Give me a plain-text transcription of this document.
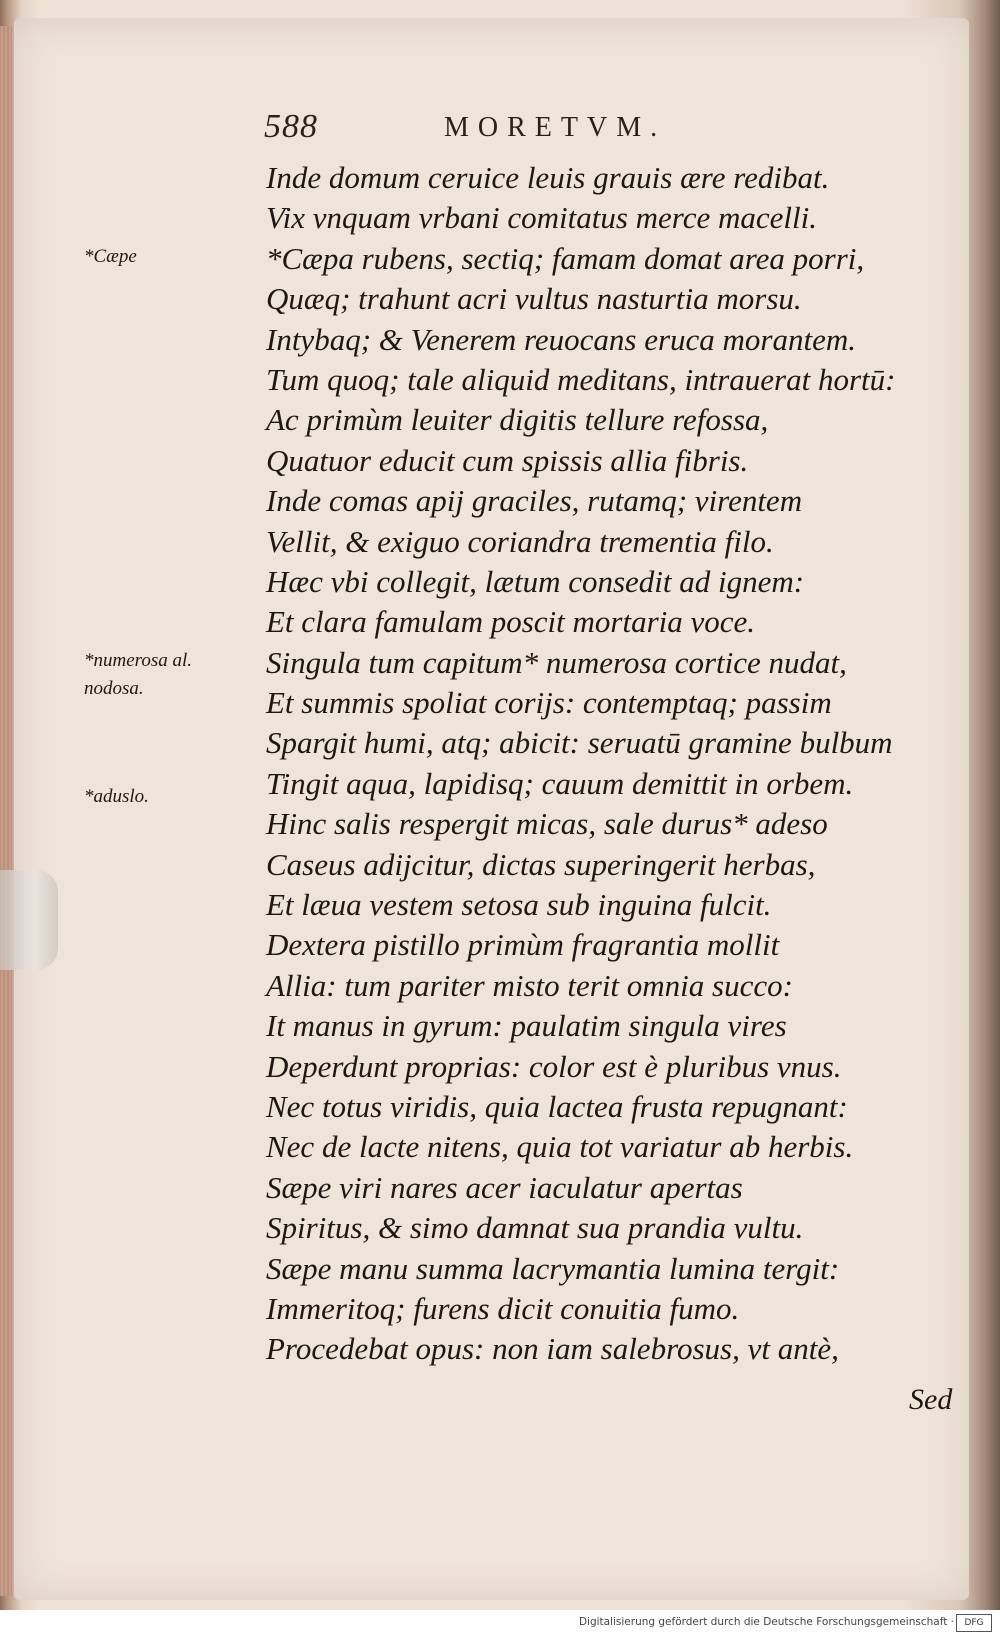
588	MORETVM.
*Cæpe
*numerosa al.
nodosa.
*aduslo.
Inde domum ceruice leuis grauis ære redibat.
Vix vnquam vrbani comitatus merce macelli.
*Cæpa rubens, sectiq; famam domat area porri,
Quæq; trahunt acri vultus nasturtia morsu.
Intybaq; & Venerem reuocans eruca morantem.
Tum quoq; tale aliquid meditans, intrauerat hortū:
Ac primùm leuiter digitis tellure refossa,
Quatuor educit cum spissis allia fibris.
Inde comas apij graciles, rutamq; virentem
Vellit, & exiguo coriandra trementia filo.
Hæc vbi collegit, lætum consedit ad ignem:
Et clara famulam poscit mortaria voce.
Singula tum capitum* numerosa cortice nudat,
Et summis spoliat corijs: contemptaq; passim
Spargit humi, atq; abicit: seruatū gramine bulbum
Tingit aqua, lapidisq; cauum demittit in orbem.
Hinc salis respergit micas, sale durus* adeso
Caseus adijcitur, dictas superingerit herbas,
Et læua vestem setosa sub inguina fulcit.
Dextera pistillo primùm fragrantia mollit
Allia: tum pariter misto terit omnia succo:
It manus in gyrum: paulatim singula vires
Deperdunt proprias: color est è pluribus vnus.
Nec totus viridis, quia lactea frusta repugnant:
Nec de lacte nitens, quia tot variatur ab herbis.
Sæpe viri nares acer iaculatur apertas
Spiritus, & simo damnat sua prandia vultu.
Sæpe manu summa lacrymantia lumina tergit:
Immeritoq; furens dicit conuitia fumo.
Procedebat opus: non iam salebrosus, vt antè,
Sed
Digitalisierung gefördert durch die Deutsche Forschungsgemeinschaft ·	DFG
